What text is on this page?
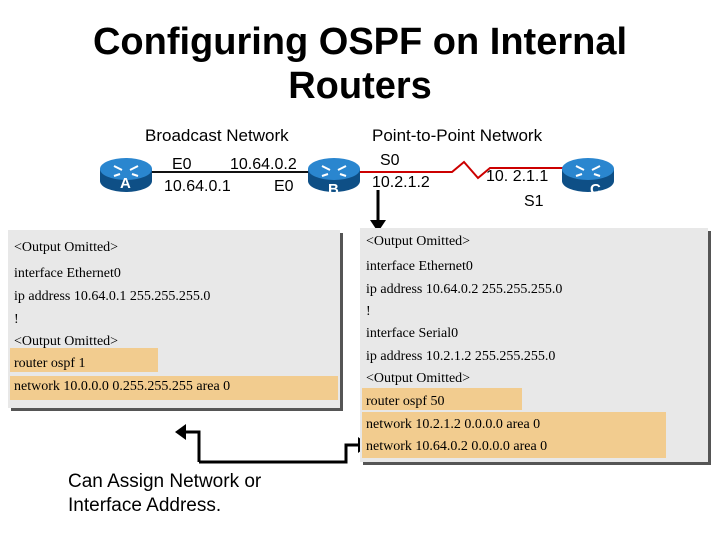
Configuring OSPF on Internal
Routers
Broadcast Network	Point-to-Point Network
A	B	C
E0
10.64.0.1
10.64.0.2
E0
S0
10.2.1.2	10. 2.1.1
S1
<Output Omitted>
interface Ethernet0
ip address 10.64.0.1 255.255.255.0
!
<Output Omitted>
router ospf 1
network 10.0.0.0 0.255.255.255 area 0
<Output Omitted>
interface Ethernet0
ip address 10.64.0.2 255.255.255.0
!
interface Serial0
ip address 10.2.1.2 255.255.255.0
<Output Omitted>
router ospf 50
network 10.2.1.2 0.0.0.0 area 0
network 10.64.0.2 0.0.0.0 area 0
Can Assign Network or
Interface Address.
